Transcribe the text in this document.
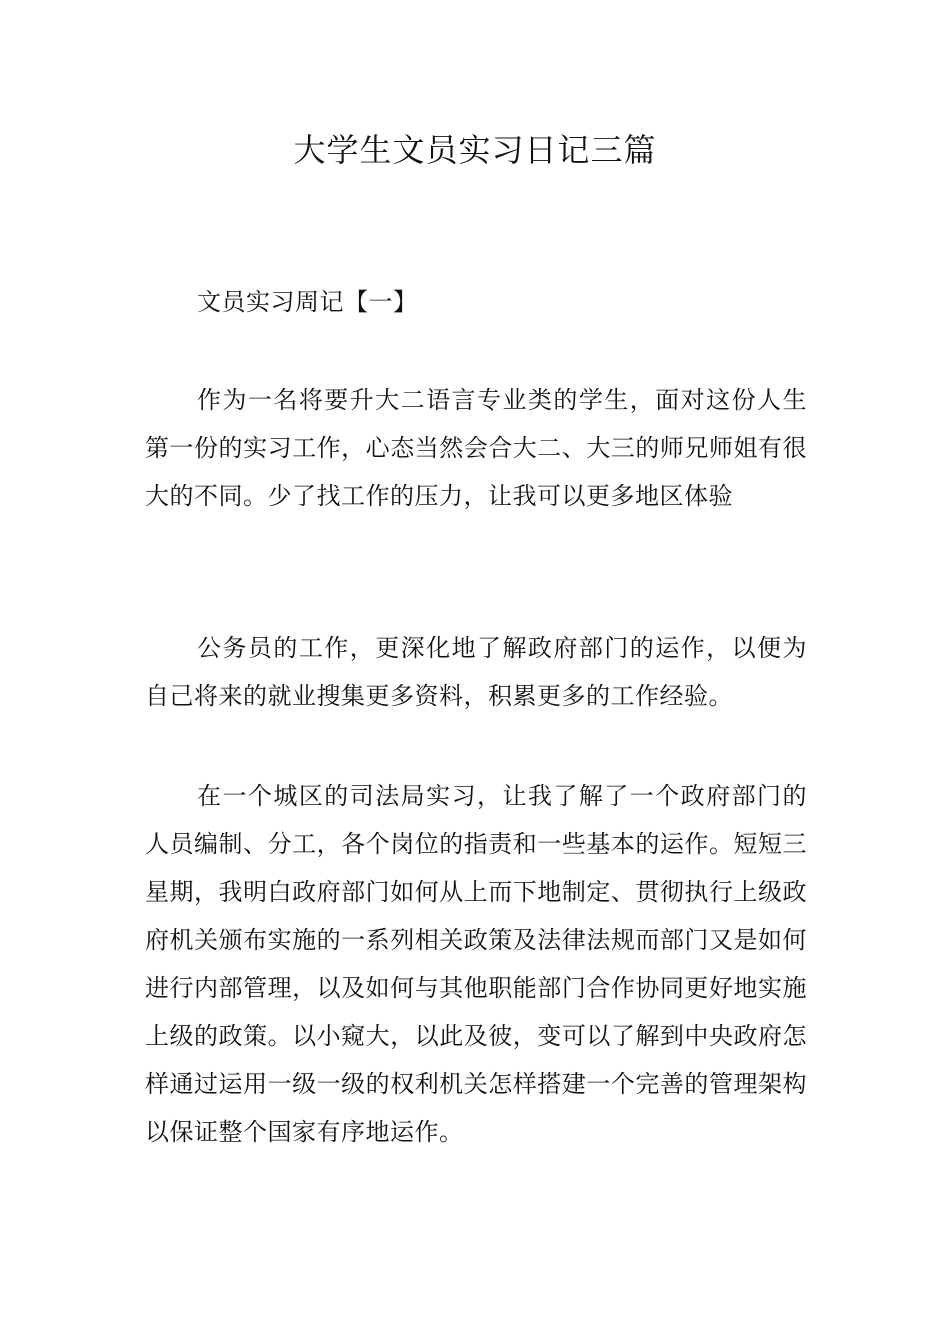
大学生文员实习日记三篇

文员实习周记【一】

作为一名将要升大二语言专业类的学生，面对这份人生第一份的实习工作，心态当然会合大二、大三的师兄师姐有很大的不同。少了找工作的压力，让我可以更多地区体验

公务员的工作，更深化地了解政府部门的运作，以便为自己将来的就业搜集更多资料，积累更多的工作经验。

在一个城区的司法局实习，让我了解了一个政府部门的人员编制、分工，各个岗位的指责和一些基本的运作。短短三星期，我明白政府部门如何从上而下地制定、贯彻执行上级政府机关颁布实施的一系列相关政策及法律法规而部门又是如何进行内部管理，以及如何与其他职能部门合作协同更好地实施上级的政策。以小窥大，以此及彼，变可以了解到中央政府怎样通过运用一级一级的权利机关怎样搭建一个完善的管理架构以保证整个国家有序地运作。
